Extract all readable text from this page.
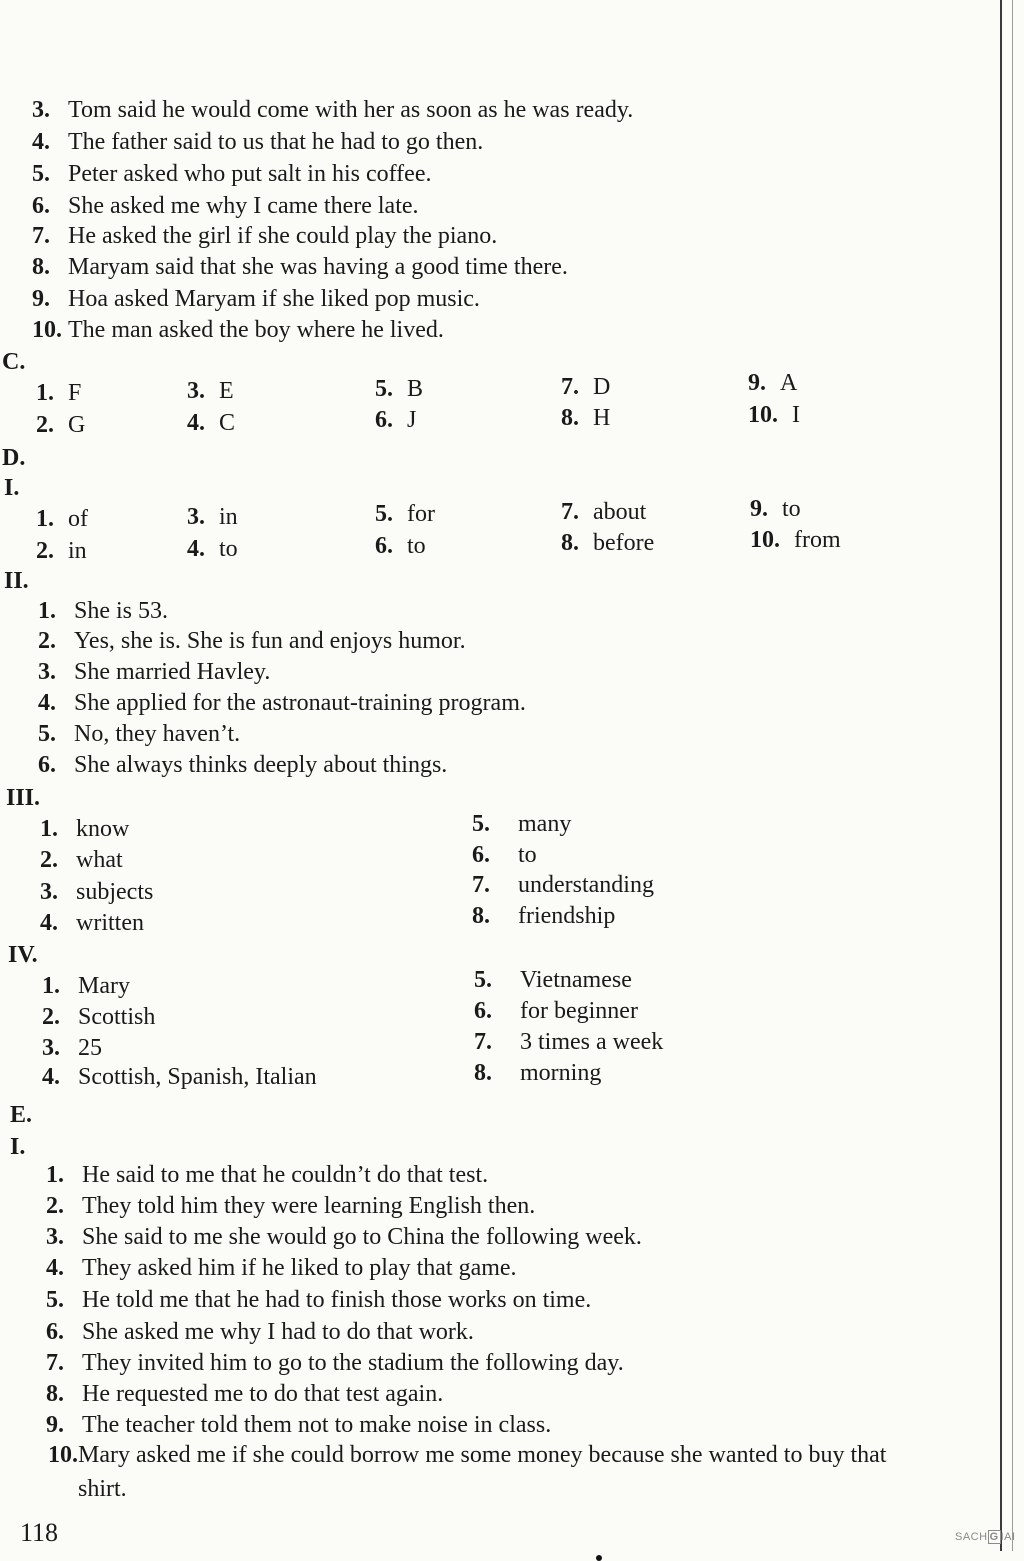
3. Tom said he would come with her as soon as he was ready.
4. The father said to us that he had to go then.
5. Peter asked who put salt in his coffee.
6. She asked me why I came there late.
7. He asked the girl if she could play the piano.
8. Maryam said that she was having a good time there.
9. Hoa asked Maryam if she liked pop music.
10. The man asked the boy where he lived.
C.
1. F
2. G
3. E
4. C
5. B
6. J
7. D
8. H
9. A
10. I
D.
I.
1. of
2. in
3. in
4. to
5. for
6. to
7. about
8. before
9. to
10. from
II.
1. She is 53.
2. Yes, she is. She is fun and enjoys humor.
3. She married Havley.
4. She applied for the astronaut-training program.
5. No, they haven’t.
6. She always thinks deeply about things.
III.
1. know
2. what
3. subjects
4. written
5. many
6. to
7. understanding
8. friendship
IV.
1. Mary
2. Scottish
3. 25
4. Scottish, Spanish, Italian
5. Vietnamese
6. for beginner
7. 3 times a week
8. morning
E.
I.
1. He said to me that he couldn’t do that test.
2. They told him they were learning English then.
3. She said to me she would go to China the following week.
4. They asked him if he liked to play that game.
5. He told me that he had to finish those works on time.
6. She asked me why I had to do that work.
7. They invited him to go to the stadium the following day.
8. He requested me to do that test again.
9. The teacher told them not to make noise in class.
10.Mary asked me if she could borrow me some money because she wanted to buy that shirt.
118	SACH G IAI
